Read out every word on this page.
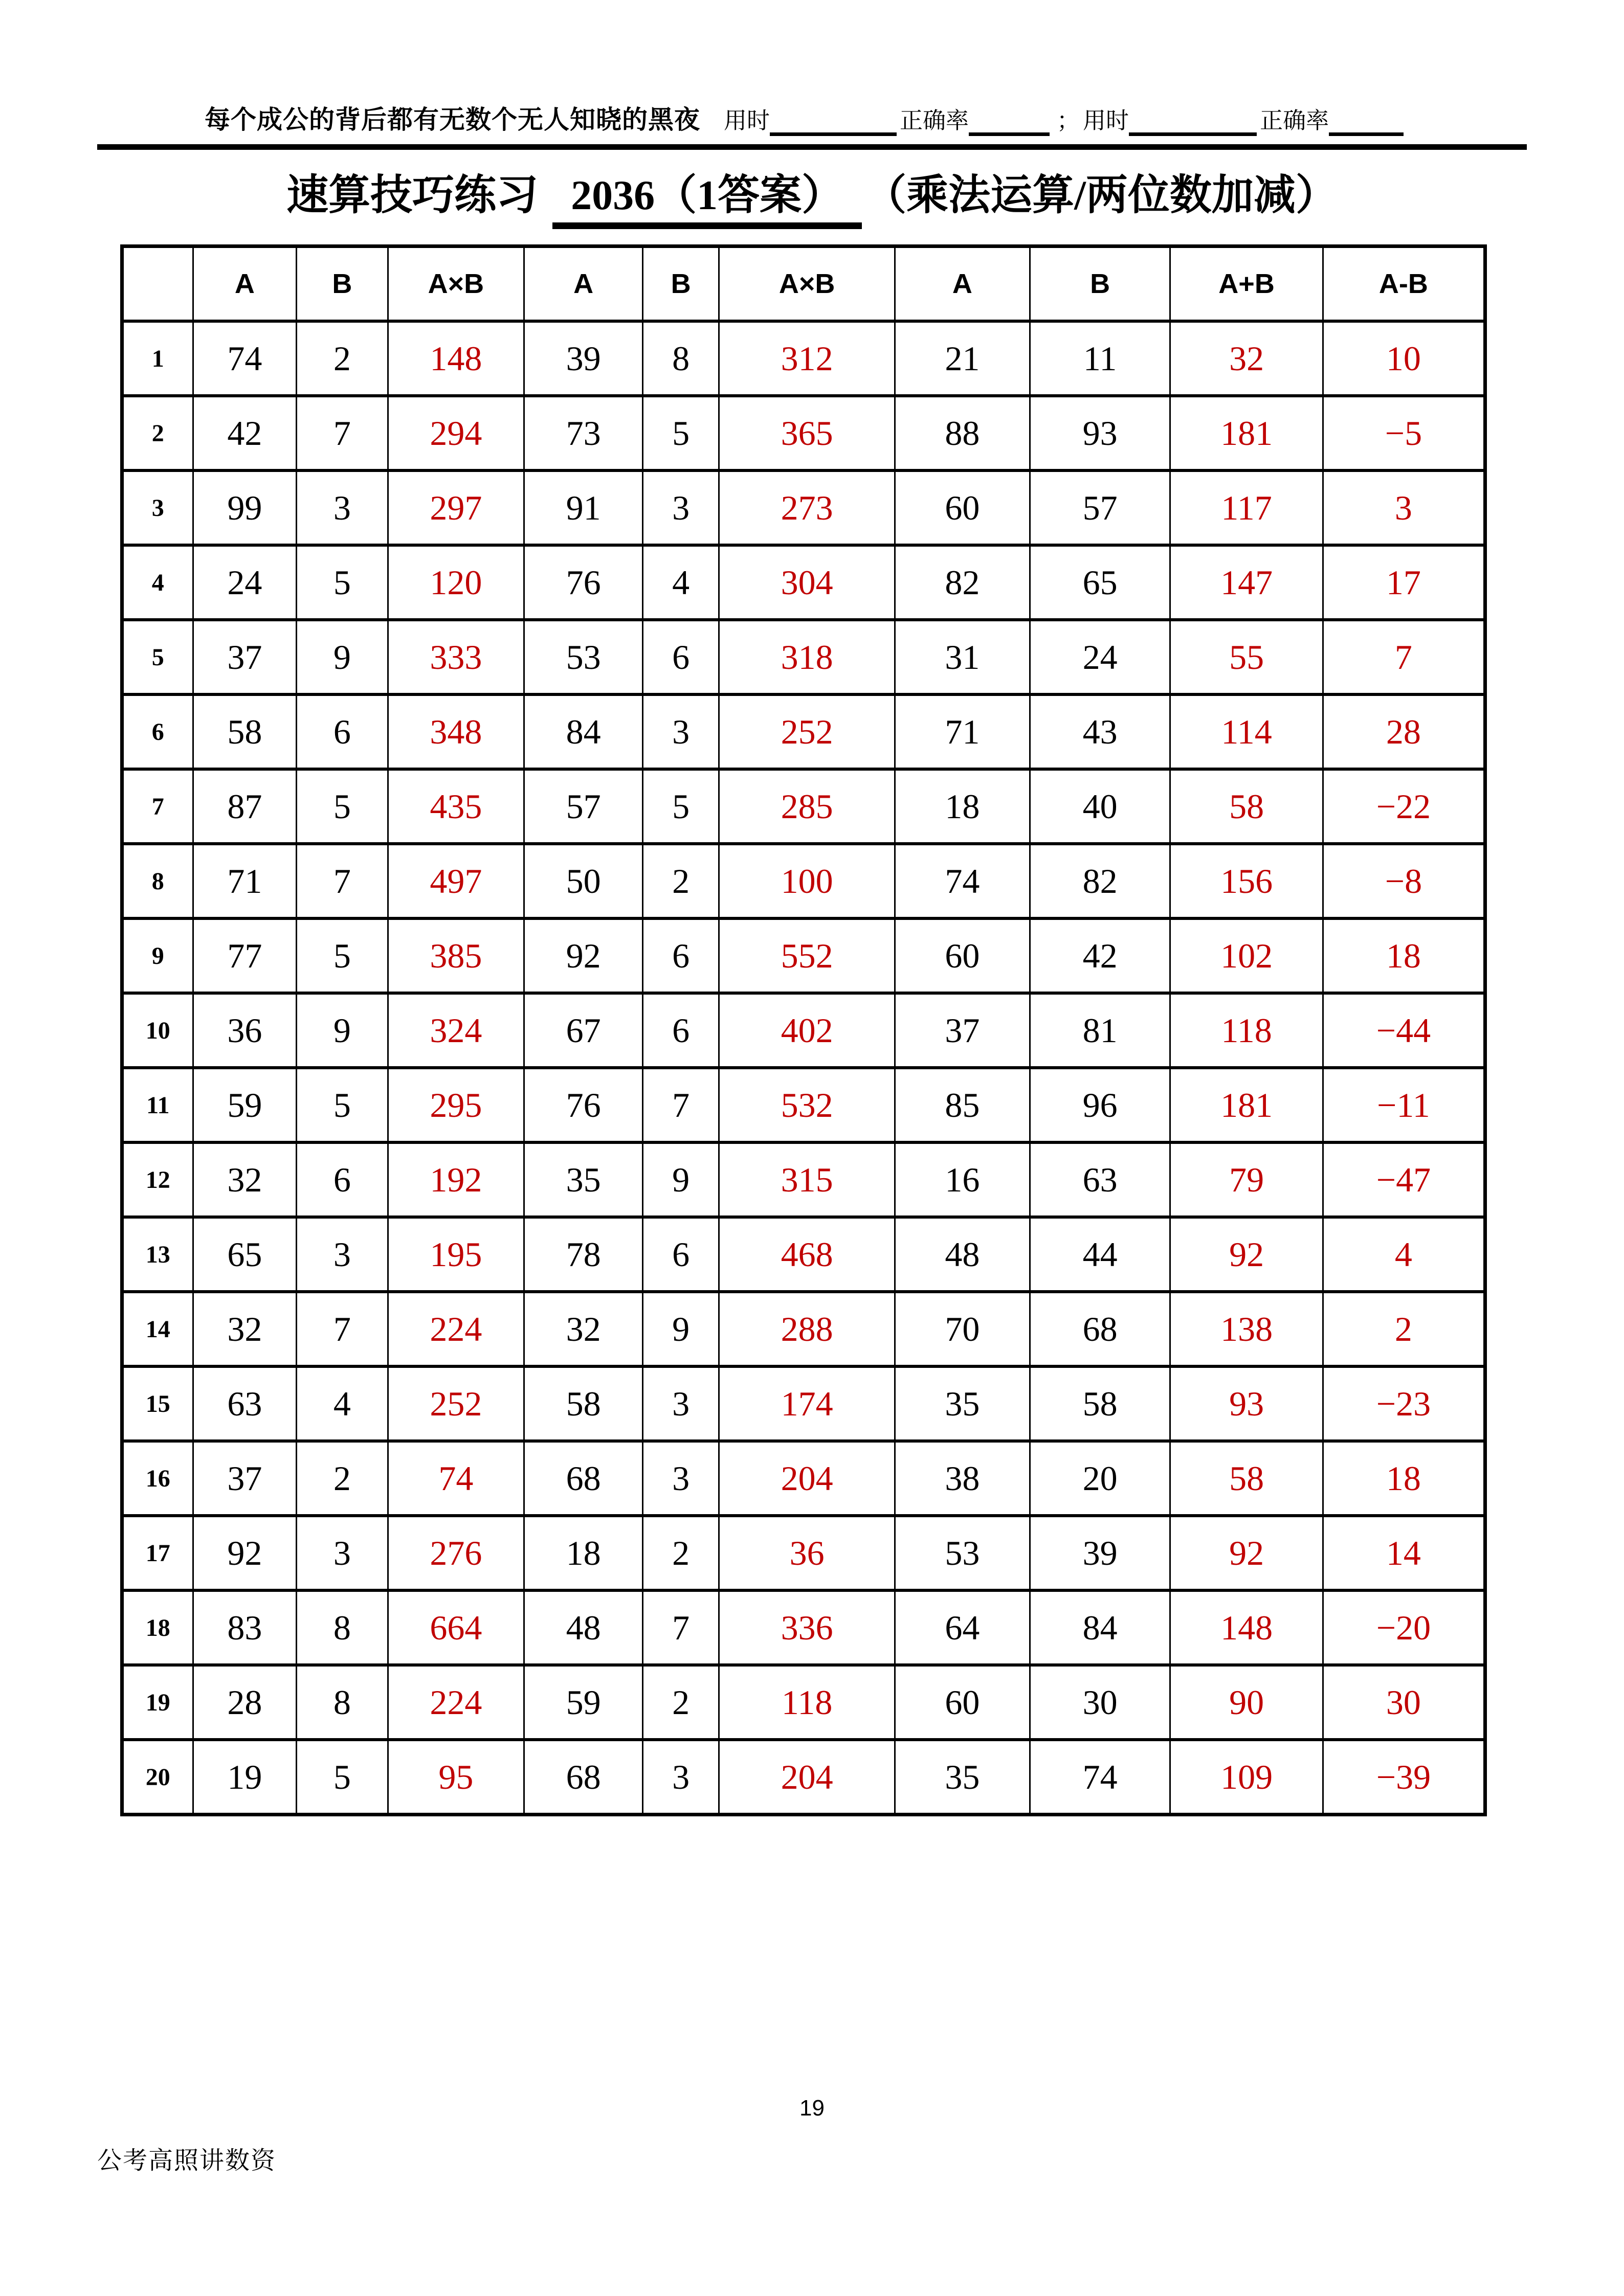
每个成公的背后都有无数个无人知晓的黑夜 用时	正确率	； 用时	正确率
速算技巧练习 2036（1答案） （乘法运算/两位数加减）
	A	B	A×B	A	B	A×B	A	B	A+B	A-B
1	74	2	148	39	8	312	21	11	32	10
2	42	7	294	73	5	365	88	93	181	−5
3	99	3	297	91	3	273	60	57	117	3
4	24	5	120	76	4	304	82	65	147	17
5	37	9	333	53	6	318	31	24	55	7
6	58	6	348	84	3	252	71	43	114	28
7	87	5	435	57	5	285	18	40	58	−22
8	71	7	497	50	2	100	74	82	156	−8
9	77	5	385	92	6	552	60	42	102	18
10	36	9	324	67	6	402	37	81	118	−44
11	59	5	295	76	7	532	85	96	181	−11
12	32	6	192	35	9	315	16	63	79	−47
13	65	3	195	78	6	468	48	44	92	4
14	32	7	224	32	9	288	70	68	138	2
15	63	4	252	58	3	174	35	58	93	−23
16	37	2	74	68	3	204	38	20	58	18
17	92	3	276	18	2	36	53	39	92	14
18	83	8	664	48	7	336	64	84	148	−20
19	28	8	224	59	2	118	60	30	90	30
20	19	5	95	68	3	204	35	74	109	−39
19
公考高照讲数资
